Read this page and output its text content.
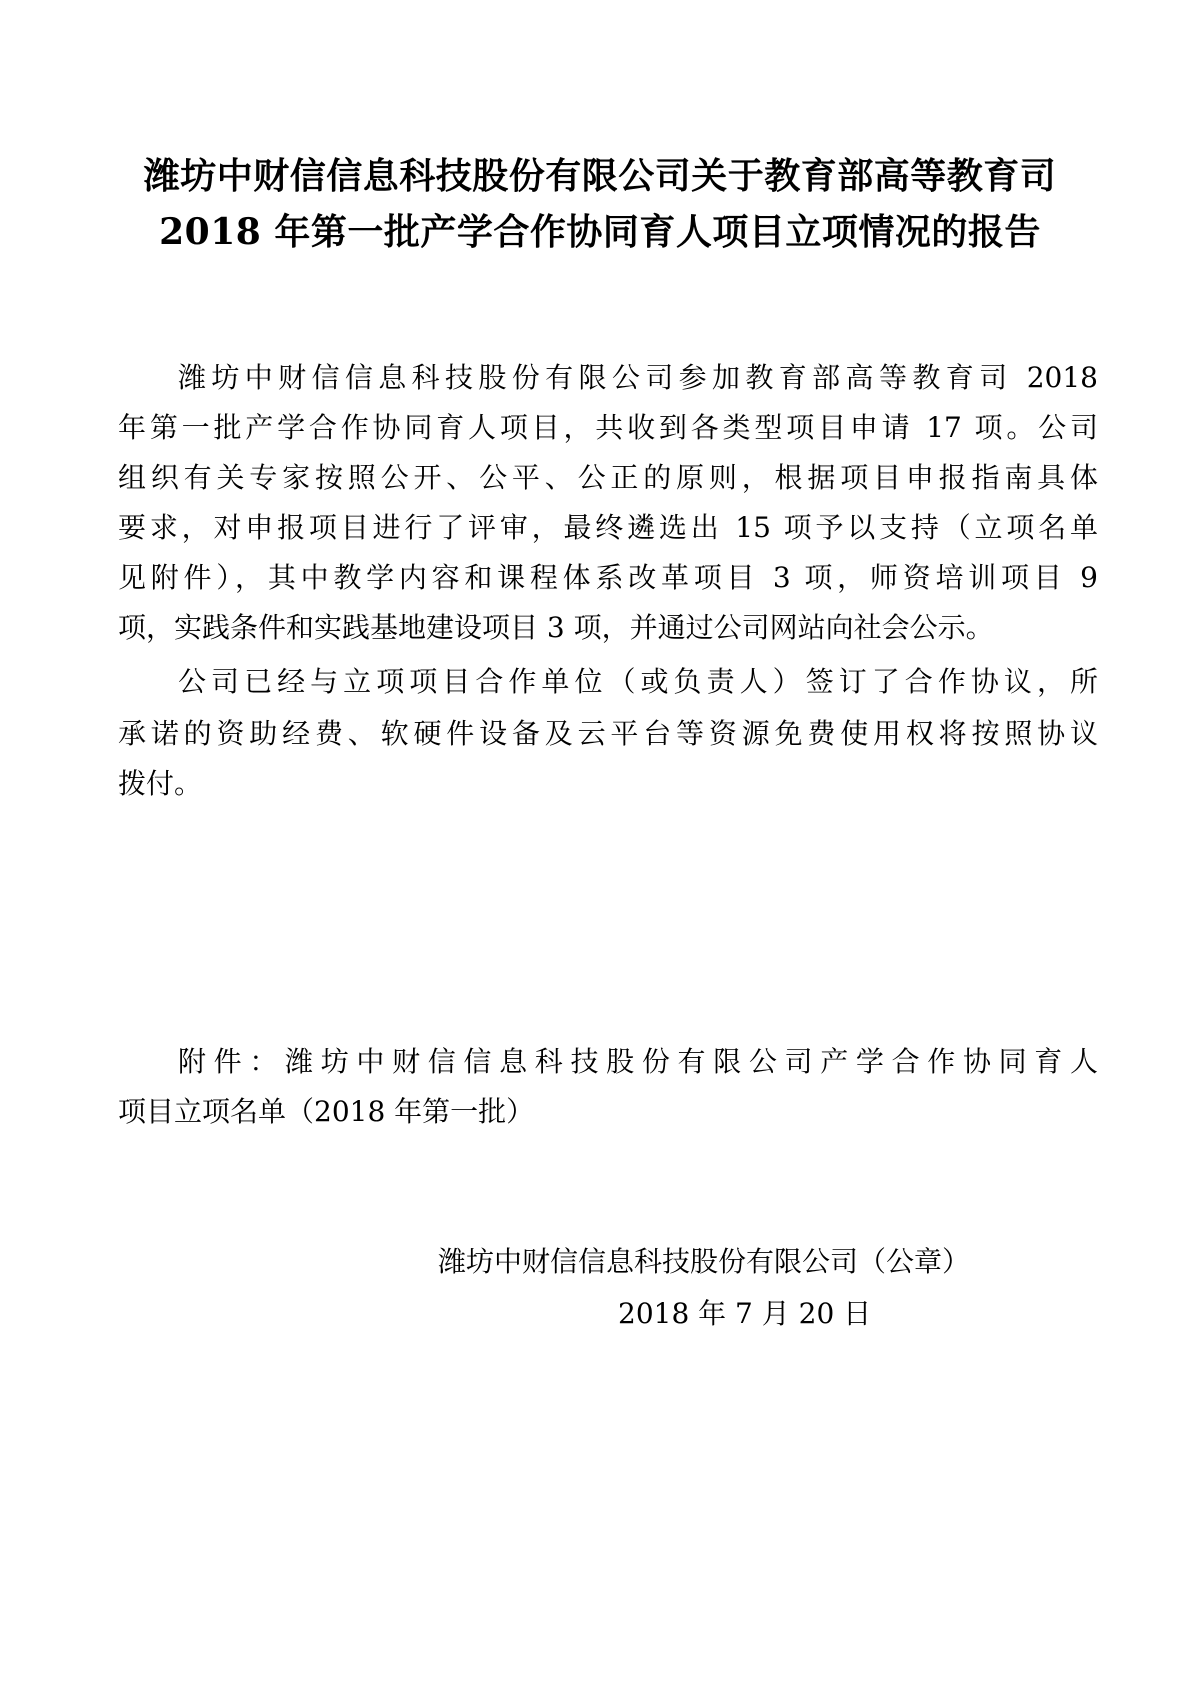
潍坊中财信信息科技股份有限公司关于教育部高等教育司
2018 年第一批产学合作协同育人项目立项情况的报告
潍坊中财信信息科技股份有限公司参加教育部高等教育司 2018
年第一批产学合作协同育人项目，共收到各类型项目申请 17 项。公司
组织有关专家按照公开、公平、公正的原则，根据项目申报指南具体
要求，对申报项目进行了评审，最终遴选出 15 项予以支持（立项名单
见附件），其中教学内容和课程体系改革项目 3 项，师资培训项目 9
项，实践条件和实践基地建设项目 3 项，并通过公司网站向社会公示。
公司已经与立项项目合作单位（或负责人）签订了合作协议，所
承诺的资助经费、软硬件设备及云平台等资源免费使用权将按照协议
拨付。
附件：潍坊中财信信息科技股份有限公司产学合作协同育人
项目立项名单（2018 年第一批）
潍坊中财信信息科技股份有限公司（公章）
2018 年 7 月 20 日
